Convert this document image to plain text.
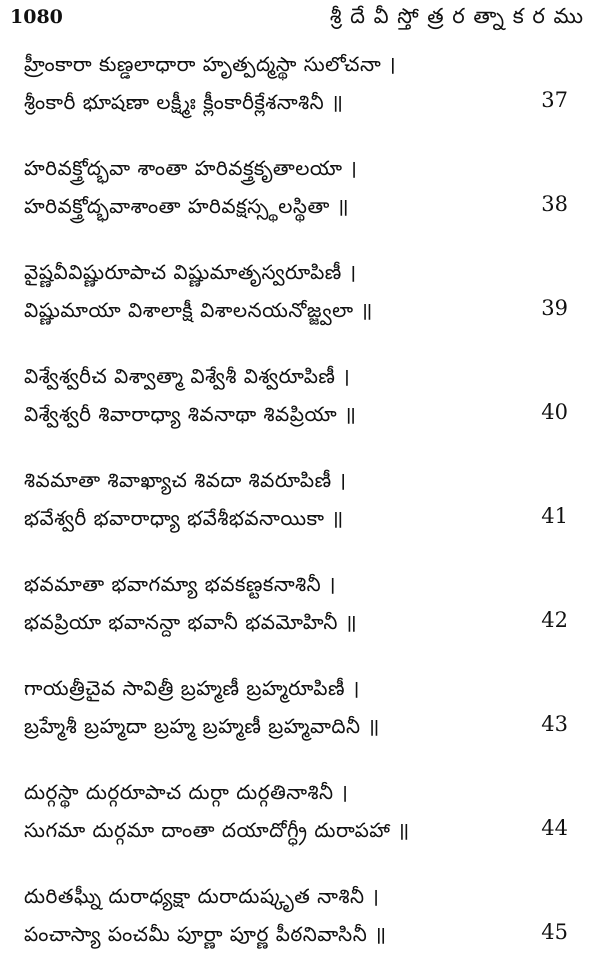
1080	శ్రీ దే వీ స్తో త్ర ర త్నా క ర ము
హ్రీంకారా కుణ్డలాధారా హృత్పద్మస్థా సులోచనా ।
శ్రీంకారీ భూషణా లక్ష్మీః క్లీంకారీక్లేశనాశినీ ॥	37
హరివక్త్రోద్భవా శాంతా హరివక్త్రకృతాలయా ।
హరివక్త్రోద్భవాశాంతా హరివక్షస్స్థలస్థితా ॥	38
వైష్ణవీవిష్ణురూపాచ విష్ణుమాతృస్వరూపిణీ ।
విష్ణుమాయా విశాలాక్షీ విశాలనయనోజ్జ్వలా ॥	39
విశ్వేశ్వరీచ విశ్వాత్మా విశ్వేశీ విశ్వరూపిణీ ।
విశ్వేశ్వరీ శివారాధ్యా శివనాథా శివప్రియా ॥	40
శివమాతా శివాఖ్యాచ శివదా శివరూపిణీ ।
భవేశ్వరీ భవారాధ్యా భవేశీభవనాయికా ॥	41
భవమాతా భవాగమ్యా భవకణ్టకనాశినీ ।
భవప్రియా భవానన్దా భవానీ భవమోహినీ ॥	42
గాయత్రీచైవ సావిత్రీ బ్రహ్మణీ బ్రహ్మరూపిణీ ।
బ్రహ్మేశీ బ్రహ్మదా బ్రహ్మ బ్రహ్మణీ బ్రహ్మవాదినీ ॥	43
దుర్గస్థా దుర్గరూపాచ దుర్గా దుర్గతినాశినీ ।
సుగమా దుర్గమా దాంతా దయాదోగ్ధ్రీ దురాపహా ॥	44
దురితఘ్నీ దురాధ్యక్షా దురాదుష్కృత నాశినీ ।
పంచాస్యా పంచమీ పూర్ణా పూర్ణ పీఠనివాసినీ ॥	45
